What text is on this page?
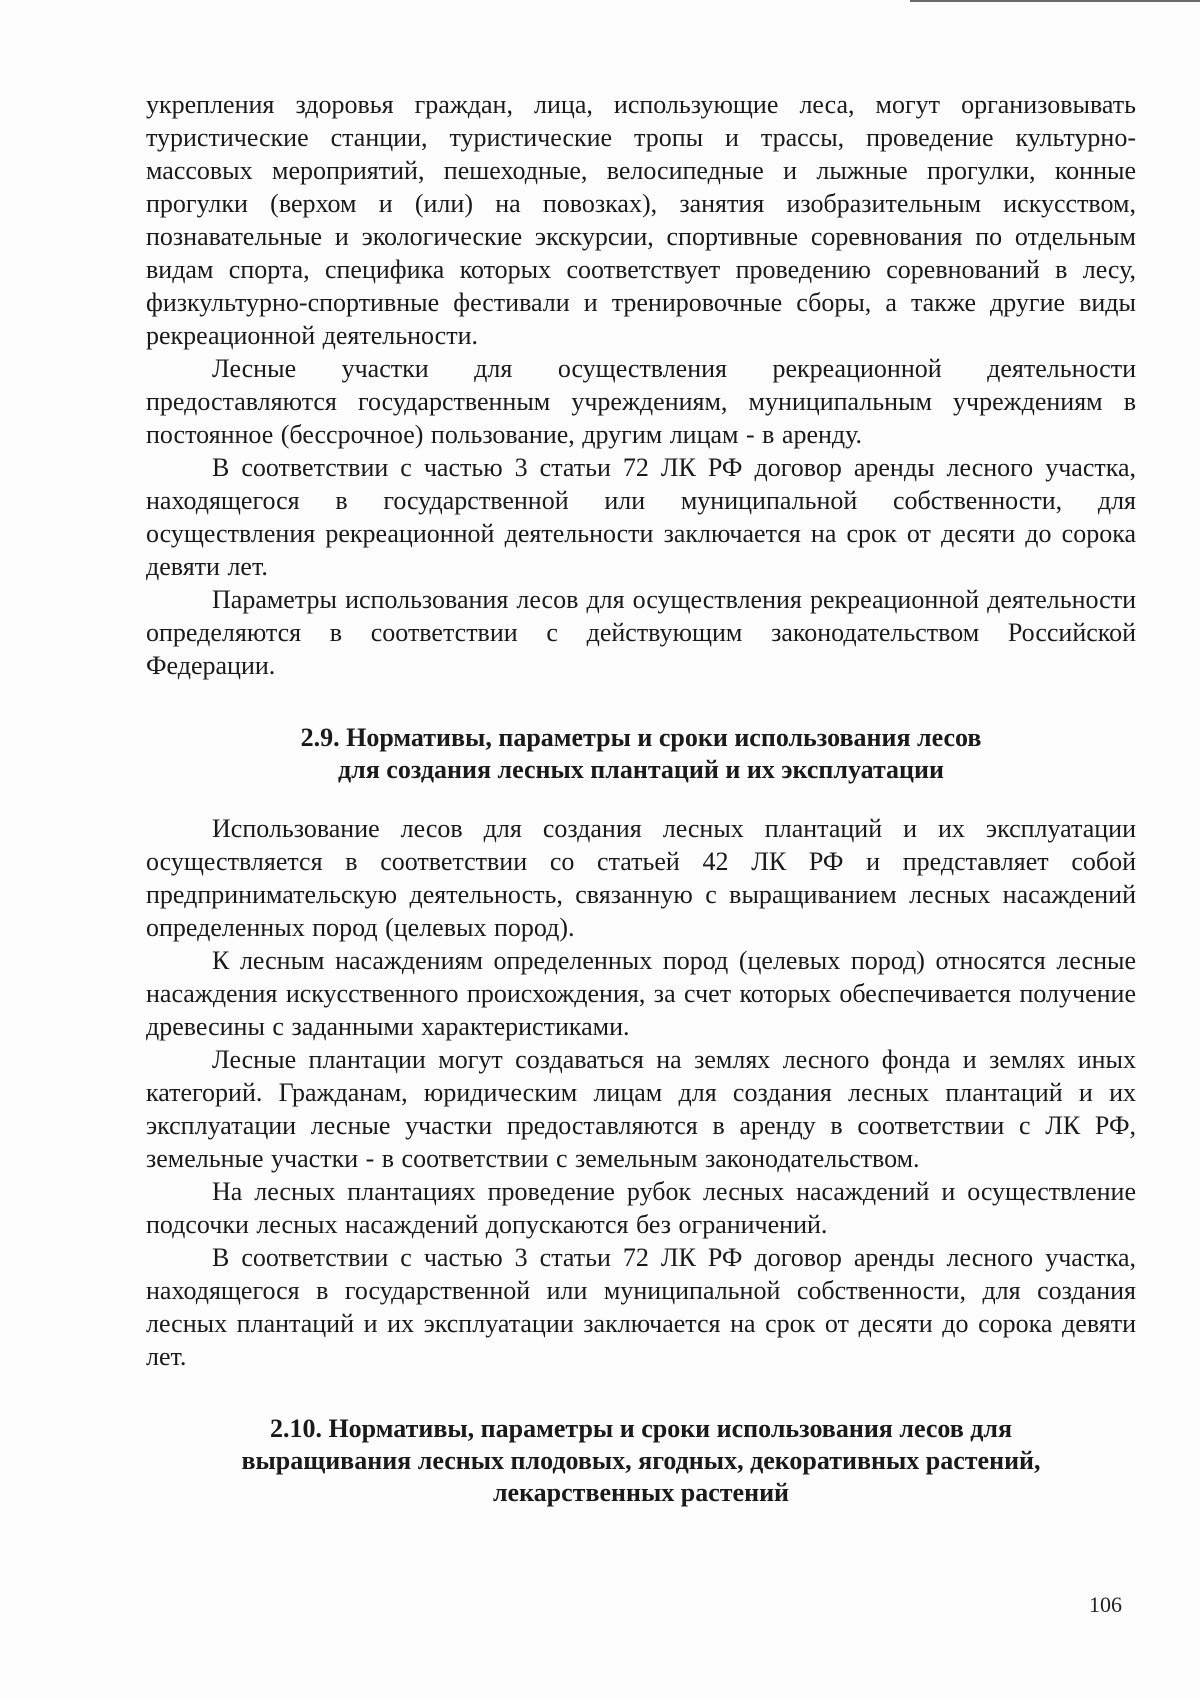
укрепления здоровья граждан, лица, использующие леса, могут организовывать туристические станции, туристические тропы и трассы, проведение культурно-массовых мероприятий, пешеходные, велосипедные и лыжные прогулки, конные прогулки (верхом и (или) на повозках), занятия изобразительным искусством, познавательные и экологические экскурсии, спортивные соревнования по отдельным видам спорта, специфика которых соответствует проведению соревнований в лесу, физкультурно-спортивные фестивали и тренировочные сборы, а также другие виды рекреационной деятельности.

Лесные участки для осуществления рекреационной деятельности предоставляются государственным учреждениям, муниципальным учреждениям в постоянное (бессрочное) пользование, другим лицам - в аренду.

В соответствии с частью 3 статьи 72 ЛК РФ договор аренды лесного участка, находящегося в государственной или муниципальной собственности, для осуществления рекреационной деятельности заключается на срок от десяти до сорока девяти лет.

Параметры использования лесов для осуществления рекреационной деятельности определяются в соответствии с действующим законодательством Российской Федерации.

2.9. Нормативы, параметры и сроки использования лесов
для создания лесных плантаций и их эксплуатации

Использование лесов для создания лесных плантаций и их эксплуатации осуществляется в соответствии со статьей 42 ЛК РФ и представляет собой предпринимательскую деятельность, связанную с выращиванием лесных насаждений определенных пород (целевых пород).

К лесным насаждениям определенных пород (целевых пород) относятся лесные насаждения искусственного происхождения, за счет которых обеспечивается получение древесины с заданными характеристиками.

Лесные плантации могут создаваться на землях лесного фонда и землях иных категорий. Гражданам, юридическим лицам для создания лесных плантаций и их эксплуатации лесные участки предоставляются в аренду в соответствии с ЛК РФ, земельные участки - в соответствии с земельным законодательством.

На лесных плантациях проведение рубок лесных насаждений и осуществление подсочки лесных насаждений допускаются без ограничений.

В соответствии с частью 3 статьи 72 ЛК РФ договор аренды лесного участка, находящегося в государственной или муниципальной собственности, для создания лесных плантаций и их эксплуатации заключается на срок от десяти до сорока девяти лет.

2.10. Нормативы, параметры и сроки использования лесов для
выращивания лесных плодовых, ягодных, декоративных растений,
лекарственных растений
106
